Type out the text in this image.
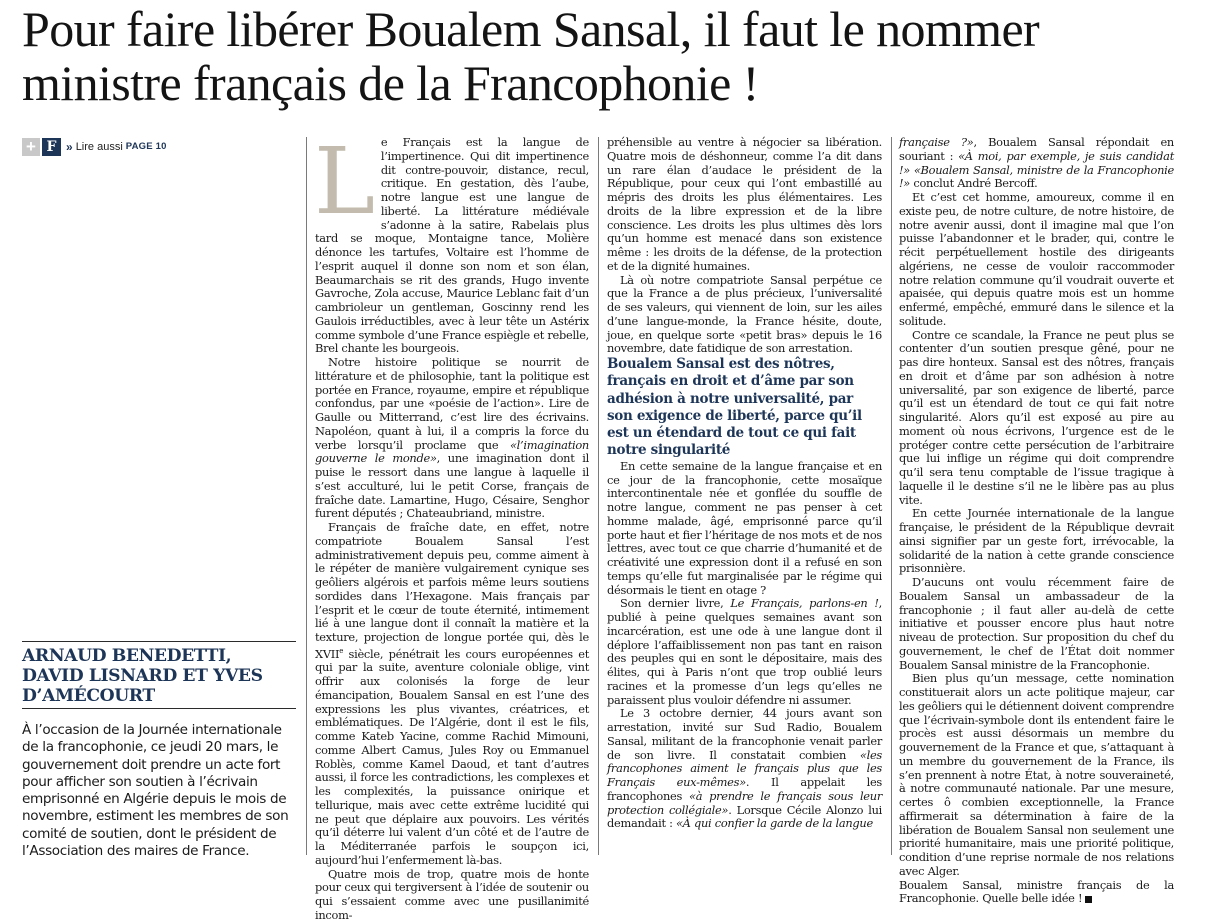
Pour faire libérer Boualem Sansal, il faut le nommer ministre français de la Francophonie !
+ F » Lire aussi PAGE 10
ARNAUD BENEDETTI, DAVID LISNARD ET YVES D’AMÉCOURT

À l’occasion de la Journée internationale de la francophonie, ce jeudi 20 mars, le gouvernement doit prendre un acte fort pour afficher son soutien à l’écrivain emprisonné en Algérie depuis le mois de novembre, estiment les membres de son comité de soutien, dont le président de l’Association des maires de France.

Le Français est la langue de l’impertinence. Qui dit impertinence dit contre-pouvoir, distance, recul, critique. En gestation, dès l’aube, notre langue est une langue de liberté. La littérature médiévale s’adonne à la satire, Rabelais plus tard se moque, Montaigne tance, Molière dénonce les tartufes, Voltaire est l’homme de l’esprit auquel il donne son nom et son élan, Beaumarchais se rit des grands, Hugo invente Gavroche, Zola accuse, Maurice Leblanc fait d’un cambrioleur un gentleman, Goscinny rend les Gaulois irréductibles, avec à leur tête un Astérix comme symbole d’une France espiègle et rebelle, Brel chante les bourgeois.

Notre histoire politique se nourrit de littérature et de philosophie, tant la politique est portée en France, royaume, empire et république confondus, par une «poésie de l’action». Lire de Gaulle ou Mitterrand, c’est lire des écrivains. Napoléon, quant à lui, il a compris la force du verbe lorsqu’il proclame que «l’imagination gouverne le monde», une imagination dont il puise le ressort dans une langue à laquelle il s’est acculturé, lui le petit Corse, français de fraîche date. Lamartine, Hugo, Césaire, Senghor furent députés ; Chateaubriand, ministre.

Français de fraîche date, en effet, notre compatriote Boualem Sansal l’est administrativement depuis peu, comme aiment à le répéter de manière vulgairement cynique ses geôliers algérois et parfois même leurs soutiens sordides dans l’Hexagone. Mais français par l’esprit et le cœur de toute éternité, intimement lié à une langue dont il connaît la matière et la texture, projection de longue portée qui, dès le XVIIe siècle, pénétrait les cours européennes et qui par la suite, aventure coloniale oblige, vint offrir aux colonisés la forge de leur émancipation, Boualem Sansal en est l’une des expressions les plus vivantes, créatrices, et emblématiques. De l’Algérie, dont il est le fils, comme Kateb Yacine, comme Rachid Mimouni, comme Albert Camus, Jules Roy ou Emmanuel Roblès, comme Kamel Daoud, et tant d’autres aussi, il force les contradictions, les complexes et les complexités, la puissance onirique et tellurique, mais avec cette extrême lucidité qui ne peut que déplaire aux pouvoirs. Les vérités qu’il déterre lui valent d’un côté et de l’autre de la Méditerranée parfois le soupçon ici, aujourd’hui l’enfermement là-bas.

Quatre mois de trop, quatre mois de honte pour ceux qui tergiversent à l’idée de soutenir ou qui s’essaient comme avec une pusillanimité incom-

préhensible au ventre à négocier sa libération. Quatre mois de déshonneur, comme l’a dit dans un rare élan d’audace le président de la République, pour ceux qui l’ont embastillé au mépris des droits les plus élémentaires. Les droits de la libre expression et de la libre conscience. Les droits les plus ultimes dès lors qu’un homme est menacé dans son existence même : les droits de la défense, de la protection et de la dignité humaines.

Là où notre compatriote Sansal perpétue ce que la France a de plus précieux, l’universalité de ses valeurs, qui viennent de loin, sur les ailes d’une langue-monde, la France hésite, doute, joue, en quelque sorte «petit bras» depuis le 16 novembre, date fatidique de son arrestation.

Boualem Sansal est des nôtres, français en droit et d’âme par son adhésion à notre universalité, par son exigence de liberté, parce qu’il est un étendard de tout ce qui fait notre singularité

En cette semaine de la langue française et en ce jour de la francophonie, cette mosaïque intercontinentale née et gonflée du souffle de notre langue, comment ne pas penser à cet homme malade, âgé, emprisonné parce qu’il porte haut et fier l’héritage de nos mots et de nos lettres, avec tout ce que charrie d’humanité et de créativité une expression dont il a refusé en son temps qu’elle fut marginalisée par le régime qui désormais le tient en otage ?

Son dernier livre, Le Français, parlons-en !, publié à peine quelques semaines avant son incarcération, est une ode à une langue dont il déplore l’affaiblissement non pas tant en raison des peuples qui en sont le dépositaire, mais des élites, qui à Paris n’ont que trop oublié leurs racines et la promesse d’un legs qu’elles ne paraissent plus vouloir défendre ni assumer.

Le 3 octobre dernier, 44 jours avant son arrestation, invité sur Sud Radio, Boualem Sansal, militant de la francophonie venait parler de son livre. Il constatait combien «les francophones aiment le français plus que les Français eux-mêmes». Il appelait les francophones «à prendre le français sous leur protection collégiale». Lorsque Cécile Alonzo lui demandait : «À qui confier la garde de la langue

française ?», Boualem Sansal répondait en souriant : «À moi, par exemple, je suis candidat !» «Boualem Sansal, ministre de la Francophonie !» conclut André Bercoff.

Et c’est cet homme, amoureux, comme il en existe peu, de notre culture, de notre histoire, de notre avenir aussi, dont il imagine mal que l’on puisse l’abandonner et le brader, qui, contre le récit perpétuellement hostile des dirigeants algériens, ne cesse de vouloir raccommoder notre relation commune qu’il voudrait ouverte et apaisée, qui depuis quatre mois est un homme enfermé, empêché, emmuré dans le silence et la solitude.

Contre ce scandale, la France ne peut plus se contenter d’un soutien presque gêné, pour ne pas dire honteux. Sansal est des nôtres, français en droit et d’âme par son adhésion à notre universalité, par son exigence de liberté, parce qu’il est un étendard de tout ce qui fait notre singularité. Alors qu’il est exposé au pire au moment où nous écrivons, l’urgence est de le protéger contre cette persécution de l’arbitraire que lui inflige un régime qui doit comprendre qu’il sera tenu comptable de l’issue tragique à laquelle il le destine s’il ne le libère pas au plus vite.

En cette Journée internationale de la langue française, le président de la République devrait ainsi signifier par un geste fort, irrévocable, la solidarité de la nation à cette grande conscience prisonnière.

D’aucuns ont voulu récemment faire de Boualem Sansal un ambassadeur de la francophonie ; il faut aller au-delà de cette initiative et pousser encore plus haut notre niveau de protection. Sur proposition du chef du gouvernement, le chef de l’État doit nommer Boualem Sansal ministre de la Francophonie.

Bien plus qu’un message, cette nomination constituerait alors un acte politique majeur, car les geôliers qui le détiennent doivent comprendre que l’écrivain-symbole dont ils entendent faire le procès est aussi désormais un membre du gouvernement de la France et que, s’attaquant à un membre du gouvernement de la France, ils s’en prennent à notre État, à notre souveraineté, à notre communauté nationale. Par une mesure, certes ô combien exceptionnelle, la France affirmerait sa détermination à faire de la libération de Boualem Sansal non seulement une priorité humanitaire, mais une priorité politique, condition d’une reprise normale de nos relations avec Alger.

Boualem Sansal, ministre français de la Francophonie. Quelle belle idée !
